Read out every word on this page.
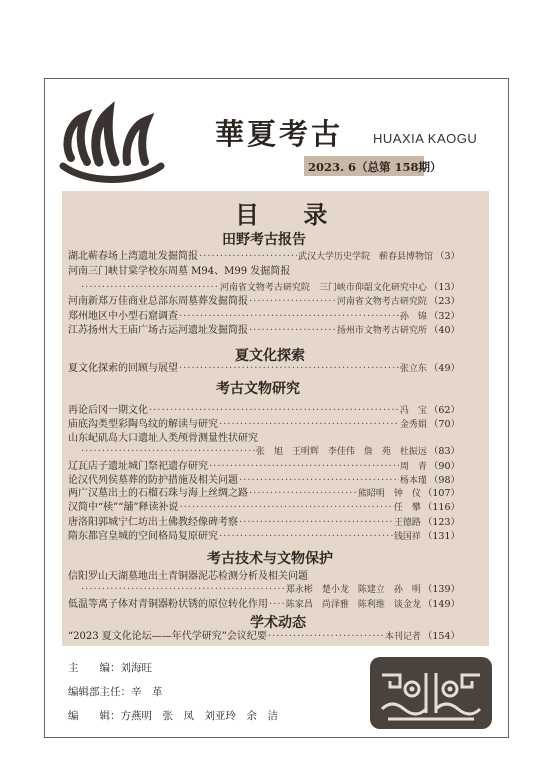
華夏考古 HUAXIA KAOGU
2023. 6（总第 158期）
目 录
田野考古报告
湖北蕲春场上湾遗址发掘简报 ·····	武汉大学历史学院　蕲春县博物馆 （3）
河南三门峡甘棠学校东周墓 M94、M99 发掘简报
·····
河南省文物考古研究院　三门峡市仰韶文化研究中心 （13）
河南新郑万佳商业总部东周墓葬发掘简报 ·····	河南省文物考古研究院 （23）
郑州地区中小型石窟调查 ·····	孙　锦 （32）
江苏扬州大王庙广场古运河遗址发掘简报 ·····	扬州市文物考古研究所 （40）
夏文化探索
夏文化探索的回顾与展望 ·····	张立东 （49）
考古文物研究
再论后冈一期文化 ·····	冯　宝 （62）
庙底沟类型彩陶鸟纹的解读与研究 ·····	金秀娟 （70）
山东屺矶岛大口遗址人类颅骨测量性状研究
·····
张　旭　王明辉　李佳伟　詹　苑　杜振远 （83）
辽瓦店子遗址城门祭祀遗存研究 ·····	周　青 （90）
论汉代列侯墓葬的防护措施及相关问题 ·····	杨本瑾 （98）
两广汉墓出土的石榴石珠与海上丝绸之路 ·····	熊昭明　钟　仪 （107）
汉简中“椟”“舖”释读补说 ·····	任　攀 （116）
唐洛阳郭城宁仁坊出土佛教经像碑考察 ·····	王德路 （123）
隋东都宫皇城的空间格局复原研究 ·····	钱国祥 （131）
考古技术与文物保护
信阳罗山天湖墓地出土青铜器泥芯检测分析及相关问题
·····
郑永彬　楚小龙　陈建立　孙　明 （139）
低温等离子体对青铜器粉状锈的原位转化作用 ····· 陈家昌　尚泽雅　陈利维　谈金龙 （149）
学术动态
“2023 夏文化论坛——年代学研究”会议纪要 ·····	本刊记者 （154）
主　　编：刘海旺
编辑部主任：辛　革
编　　辑：方燕明　张　凤　刘亚玲　余　洁
